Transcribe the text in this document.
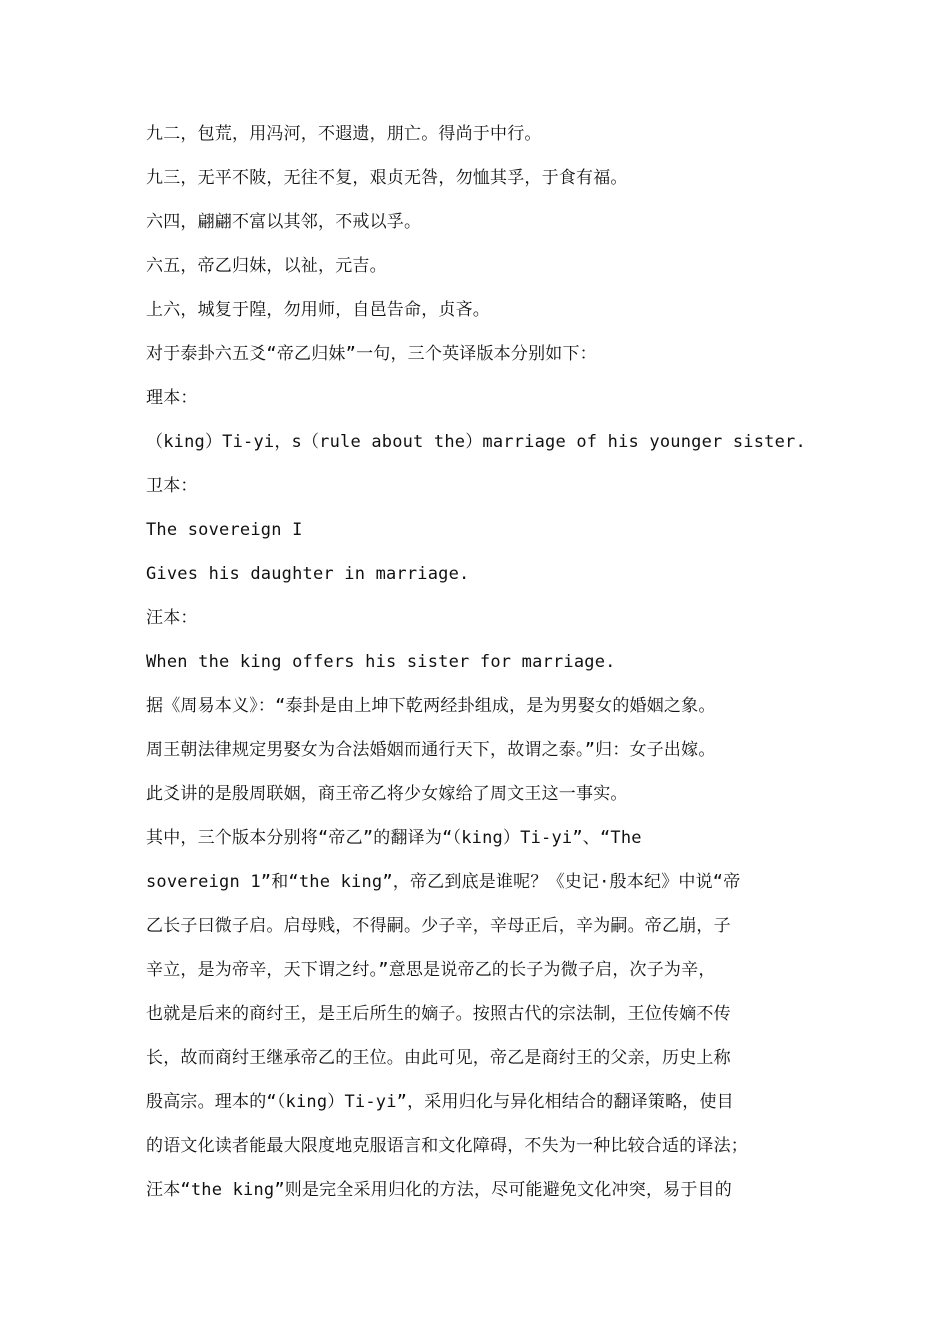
九二，包荒，用冯河，不遐遗，朋亡。得尚于中行。
九三，无平不陂，无往不复，艰贞无咎，勿恤其孚，于食有福。
六四，翩翩不富以其邻，不戒以孚。
六五，帝乙归妹，以祉，元吉。
上六，城复于隍，勿用师，自邑告命，贞吝。
对于泰卦六五爻“帝乙归妹”一句，三个英译版本分别如下：
理本：
（king）Ti-yi，s（rule about the）marriage of his younger sister.
卫本：
The sovereign I
Gives his daughter in marriage.
汪本：
When the king offers his sister for marriage.
据《周易本义》：“泰卦是由上坤下乾两经卦组成，是为男娶女的婚姻之象。
周王朝法律规定男娶女为合法婚姻而通行天下，故谓之泰。”归：女子出嫁。
此爻讲的是殷周联姻，商王帝乙将少女嫁给了周文王这一事实。
其中，三个版本分别将“帝乙”的翻译为“（king）Ti-yi”、“The
sovereign 1”和“the king”，帝乙到底是谁呢？《史记·殷本纪》中说“帝
乙长子曰微子启。启母贱，不得嗣。少子辛，辛母正后，辛为嗣。帝乙崩，子
辛立，是为帝辛，天下谓之纣。”意思是说帝乙的长子为微子启，次子为辛，
也就是后来的商纣王，是王后所生的嫡子。按照古代的宗法制，王位传嫡不传
长，故而商纣王继承帝乙的王位。由此可见，帝乙是商纣王的父亲，历史上称
殷高宗。理本的“（king）Ti-yi”，采用归化与异化相结合的翻译策略，使目
的语文化读者能最大限度地克服语言和文化障碍，不失为一种比较合适的译法；
汪本“the king”则是完全采用归化的方法，尽可能避免文化冲突，易于目的
